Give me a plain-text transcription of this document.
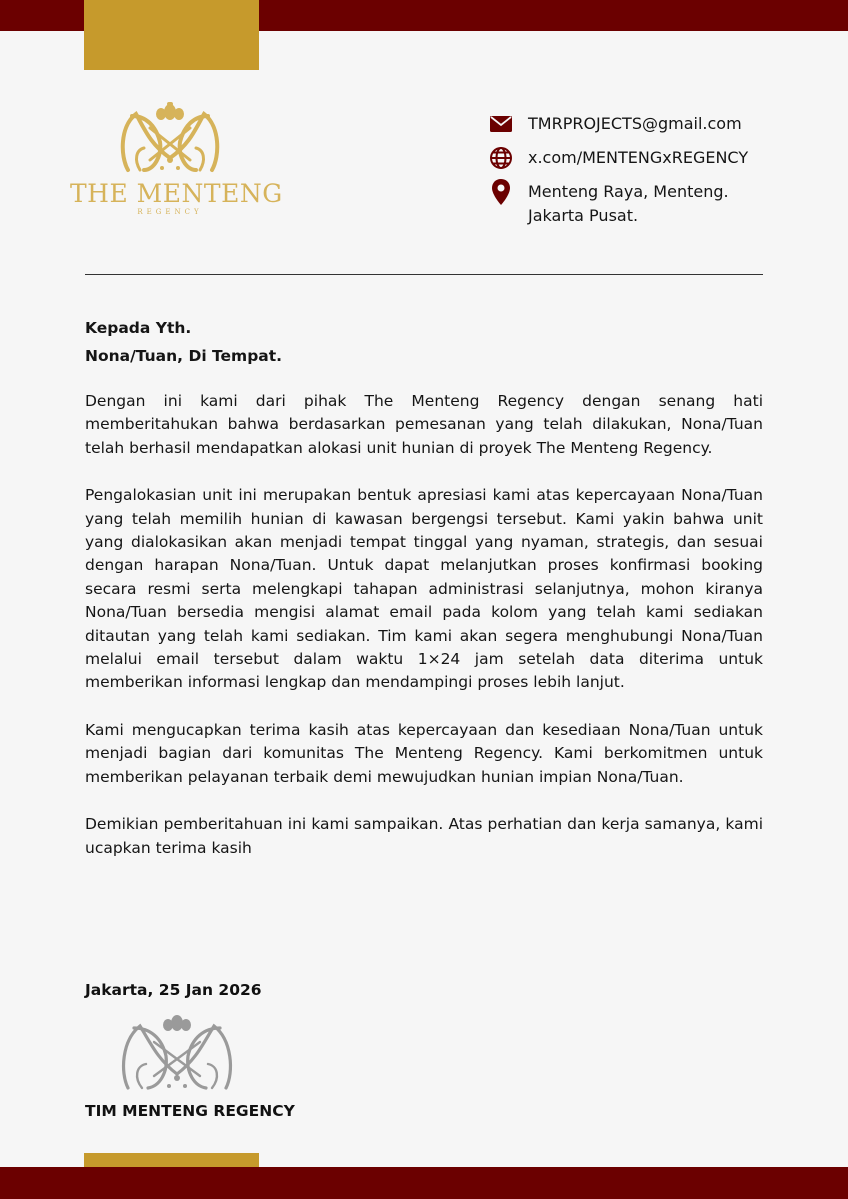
THE MENTENG
REGENCY
TMRPROJECTS@gmail.com
x.com/MENTENGxREGENCY
Menteng Raya, Menteng.
Jakarta Pusat.

Kepada Yth.

Nona/Tuan, Di Tempat.

Dengan ini kami dari pihak The Menteng Regency dengan senang hati memberitahukan bahwa berdasarkan pemesanan yang telah dilakukan, Nona/Tuan telah berhasil mendapatkan alokasi unit hunian di proyek The Menteng Regency.

Pengalokasian unit ini merupakan bentuk apresiasi kami atas kepercayaan Nona/Tuan yang telah memilih hunian di kawasan bergengsi tersebut. Kami yakin bahwa unit yang dialokasikan akan menjadi tempat tinggal yang nyaman, strategis, dan sesuai dengan harapan Nona/Tuan. Untuk dapat melanjutkan proses konfirmasi booking secara resmi serta melengkapi tahapan administrasi selanjutnya, mohon kiranya Nona/Tuan bersedia mengisi alamat email pada kolom yang telah kami sediakan ditautan yang telah kami sediakan. Tim kami akan segera menghubungi Nona/Tuan melalui email tersebut dalam waktu 1×24 jam setelah data diterima untuk memberikan informasi lengkap dan mendampingi proses lebih lanjut.

Kami mengucapkan terima kasih atas kepercayaan dan kesediaan Nona/Tuan untuk menjadi bagian dari komunitas The Menteng Regency. Kami berkomitmen untuk memberikan pelayanan terbaik demi mewujudkan hunian impian Nona/Tuan.

Demikian pemberitahuan ini kami sampaikan. Atas perhatian dan kerja samanya, kami ucapkan terima kasih

Jakarta, 25 Jan 2026
TIM MENTENG REGENCY
